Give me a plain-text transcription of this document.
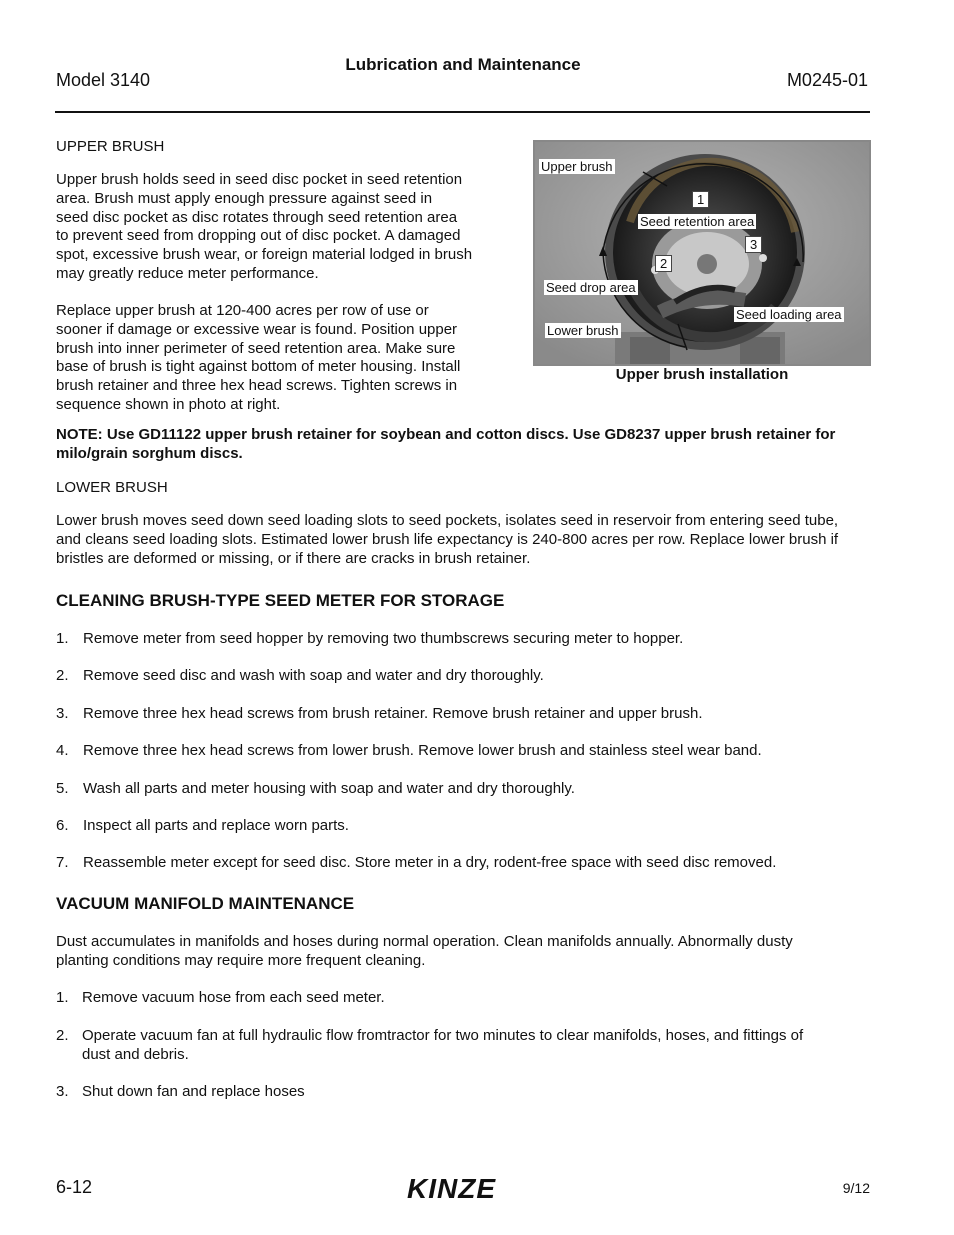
Lubrication and Maintenance
Model 3140	M0245-01
UPPER BRUSH
Upper brush holds seed in seed disc pocket in seed retention
area. Brush must apply enough pressure against seed in
seed disc pocket as disc rotates through seed retention area
to prevent seed from dropping out of disc pocket. A damaged
spot, excessive brush wear, or foreign material lodged in brush
may greatly reduce meter performance.
Replace upper brush at 120-400 acres per row of use or
sooner if damage or excessive wear is found. Position upper
brush into inner perimeter of seed retention area. Make sure
base of brush is tight against bottom of meter housing. Install
brush retainer and three hex head screws. Tighten screws in
sequence shown in photo at right.
Upper brush
Seed retention area
Seed drop area
Lower brush
Seed loading area
1
2
3
Upper brush installation
NOTE: Use GD11122 upper brush retainer for soybean and cotton discs. Use GD8237 upper brush retainer for
milo/grain sorghum discs.
LOWER BRUSH
Lower brush moves seed down seed loading slots to seed pockets, isolates seed in reservoir from entering seed tube,
and cleans seed loading slots. Estimated lower brush life expectancy is 240-800 acres per row. Replace lower brush if
bristles are deformed or missing, or if there are cracks in brush retainer.
CLEANING BRUSH-TYPE SEED METER FOR STORAGE
1. Remove meter from seed hopper by removing two thumbscrews securing meter to hopper.
2. Remove seed disc and wash with soap and water and dry thoroughly.
3. Remove three hex head screws from brush retainer. Remove brush retainer and upper brush.
4. Remove three hex head screws from lower brush. Remove lower brush and stainless steel wear band.
5. Wash all parts and meter housing with soap and water and dry thoroughly.
6. Inspect all parts and replace worn parts.
7. Reassemble meter except for seed disc. Store meter in a dry, rodent-free space with seed disc removed.
VACUUM MANIFOLD MAINTENANCE
Dust accumulates in manifolds and hoses during normal operation. Clean manifolds annually. Abnormally dusty
planting conditions may require more frequent cleaning.
1. Remove vacuum hose from each seed meter.
2. Operate vacuum fan at full hydraulic flow fromtractor for two minutes to clear manifolds, hoses, and fittings of
dust and debris.
3. Shut down fan and replace hoses
6-12	KINZE	9/12
